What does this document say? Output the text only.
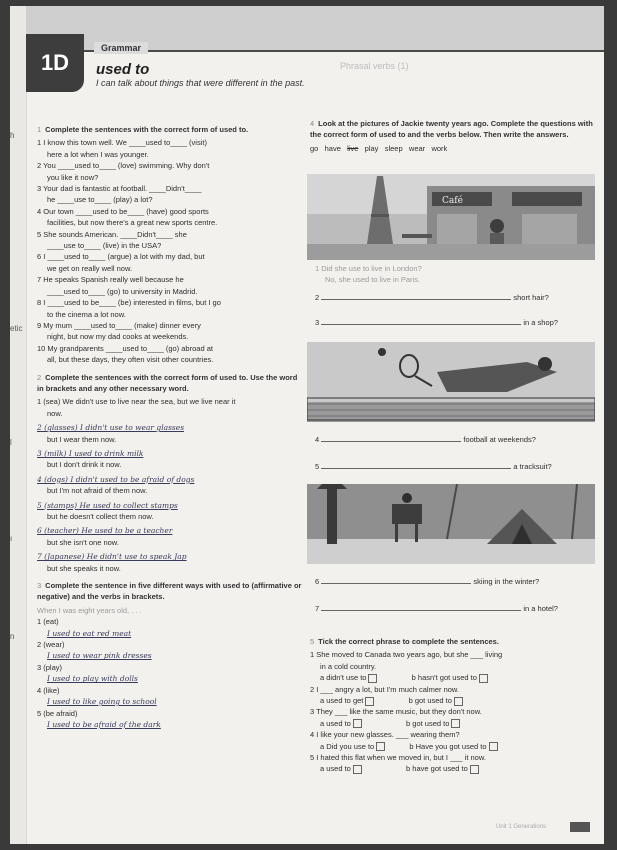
h
etic
l
ı
n
1D
Grammar
used to
I can talk about things that were different in the past.
Phrasal verbs (1)
1 Complete the sentences with the correct form of used to.
1 I know this town well. We ____used to____ (visit)
here a lot when I was younger.
2 You ____used to____ (love) swimming. Why don't
you like it now?
3 Your dad is fantastic at football. ____Didn't____
he ____use to____ (play) a lot?
4 Our town ____used to be____ (have) good sports
facilities, but now there's a great new sports centre.
5 She sounds American. ____Didn't____ she
____use to____ (live) in the USA?
6 I ____used to____ (argue) a lot with my dad, but
we get on really well now.
7 He speaks Spanish really well because he
____used to____ (go) to university in Madrid.
8 I ____used to be____ (be) interested in films, but I go
to the cinema a lot now.
9 My mum ____used to____ (make) dinner every
night, but now my dad cooks at weekends.
10 My grandparents ____used to____ (go) abroad at
all, but these days, they often visit other countries.
2 Complete the sentences with the correct form of used to. Use the word in brackets and any other necessary word.
1 (sea) We didn't use to live near the sea, but we live near it
now.
2 (glasses) I didn't use to wear glasses
but I wear them now.
3 (milk) I used to drink milk
but I don't drink it now.
4 (dogs) I didn't used to be afraid of dogs
but I'm not afraid of them now.
5 (stamps) He used to collect stamps
but he doesn't collect them now.
6 (teacher) He used to be a teacher
but she isn't one now.
7 (Japanese) He didn't use to speak Jap
but she speaks it now.
3 Complete the sentence in five different ways with used to (affirmative or negative) and the verbs in brackets.
When I was eight years old, . . .
1 (eat)
I used to eat red meat
2 (wear)
I used to wear pink dresses
3 (play)
I used to play with dolls
4 (like)
I used to like going to school
5 (be afraid)
I used to be afraid of the dark
4 Look at the pictures of Jackie twenty years ago. Complete the questions with the correct form of used to and the verbs below. Then write the answers.
go have live play sleep wear work
Café
1 Did she use to live in London?
No, she used to live in Paris.
2	short hair?
3	in a shop?
4	football at weekends?
5	a tracksuit?
6	skiing in the winter?
7	in a hotel?
5 Tick the correct phrase to complete the sentences.
1 She moved to Canada two years ago, but she ___ living
in a cold country.
a didn't use to	b hasn't got used to
2 I ___ angry a lot, but I'm much calmer now.
a used to get	b got used to
3 They ___ like the same music, but they don't now.
a used to	b got used to
4 I like your new glasses. ___ wearing them?
a Did you use to	b Have you got used to
5 I hated this flat when we moved in, but I ___ it now.
a used to	b have got used to
Unit 1 Generations
